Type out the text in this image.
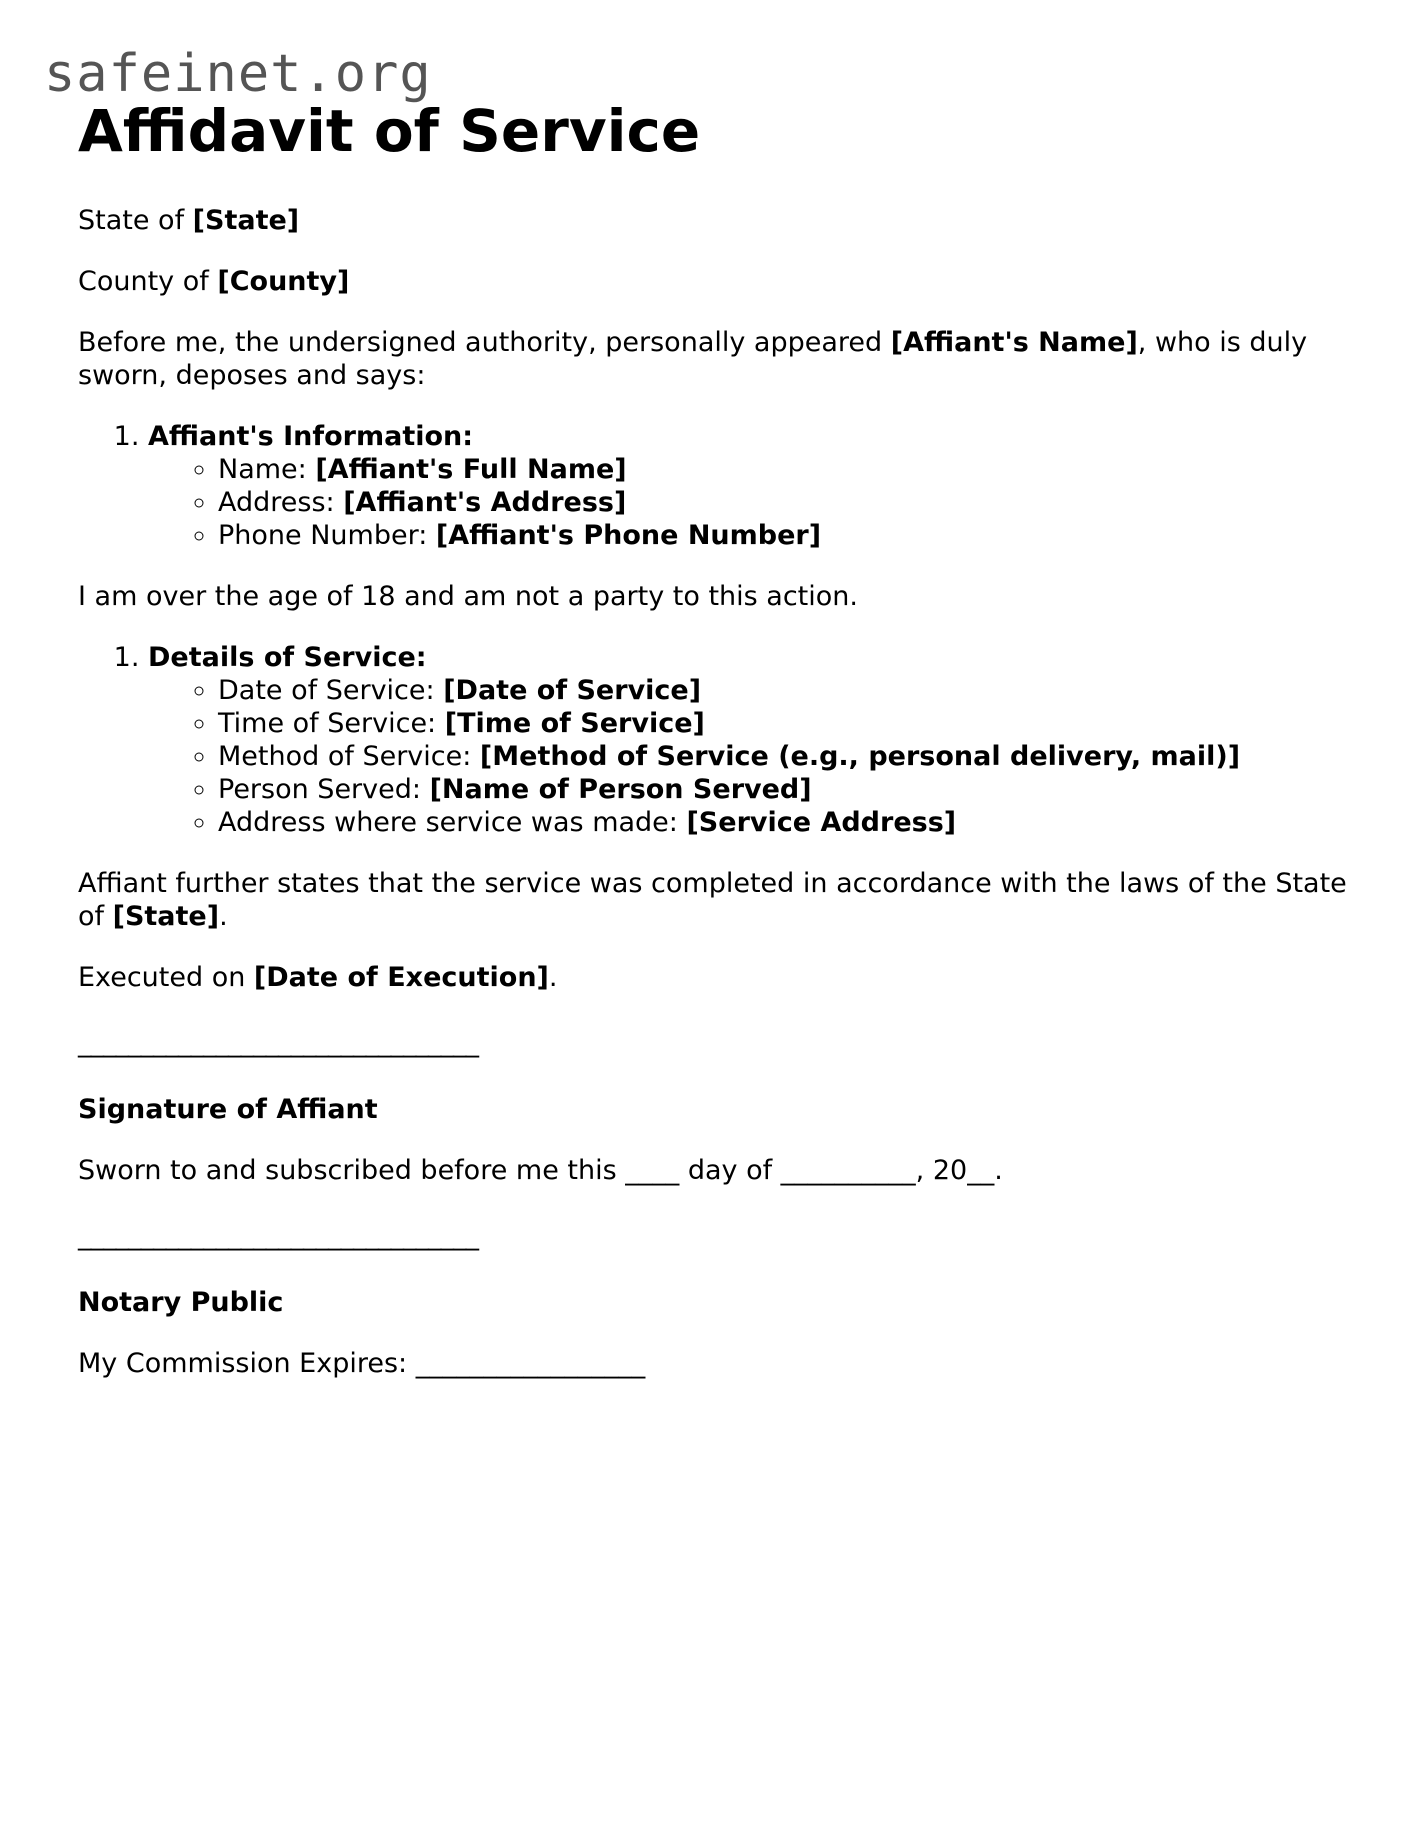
safeinet.org
Affidavit of Service

State of [State]

County of [County]

Before me, the undersigned authority, personally appeared [Affiant's Name], who is duly sworn, deposes and says:

1. Affiant's Information:
◦ Name: [Affiant's Full Name]
◦ Address: [Affiant's Address]
◦ Phone Number: [Affiant's Phone Number]

I am over the age of 18 and am not a party to this action.

1. Details of Service:
◦ Date of Service: [Date of Service]
◦ Time of Service: [Time of Service]
◦ Method of Service: [Method of Service (e.g., personal delivery, mail)]
◦ Person Served: [Name of Person Served]
◦ Address where service was made: [Service Address]

Affiant further states that the service was completed in accordance with the laws of the State of [State].

Executed on [Date of Execution].

________________________________

Signature of Affiant

Sworn to and subscribed before me this ____ day of __________, 20__.

________________________________

Notary Public

My Commission Expires: _________________
